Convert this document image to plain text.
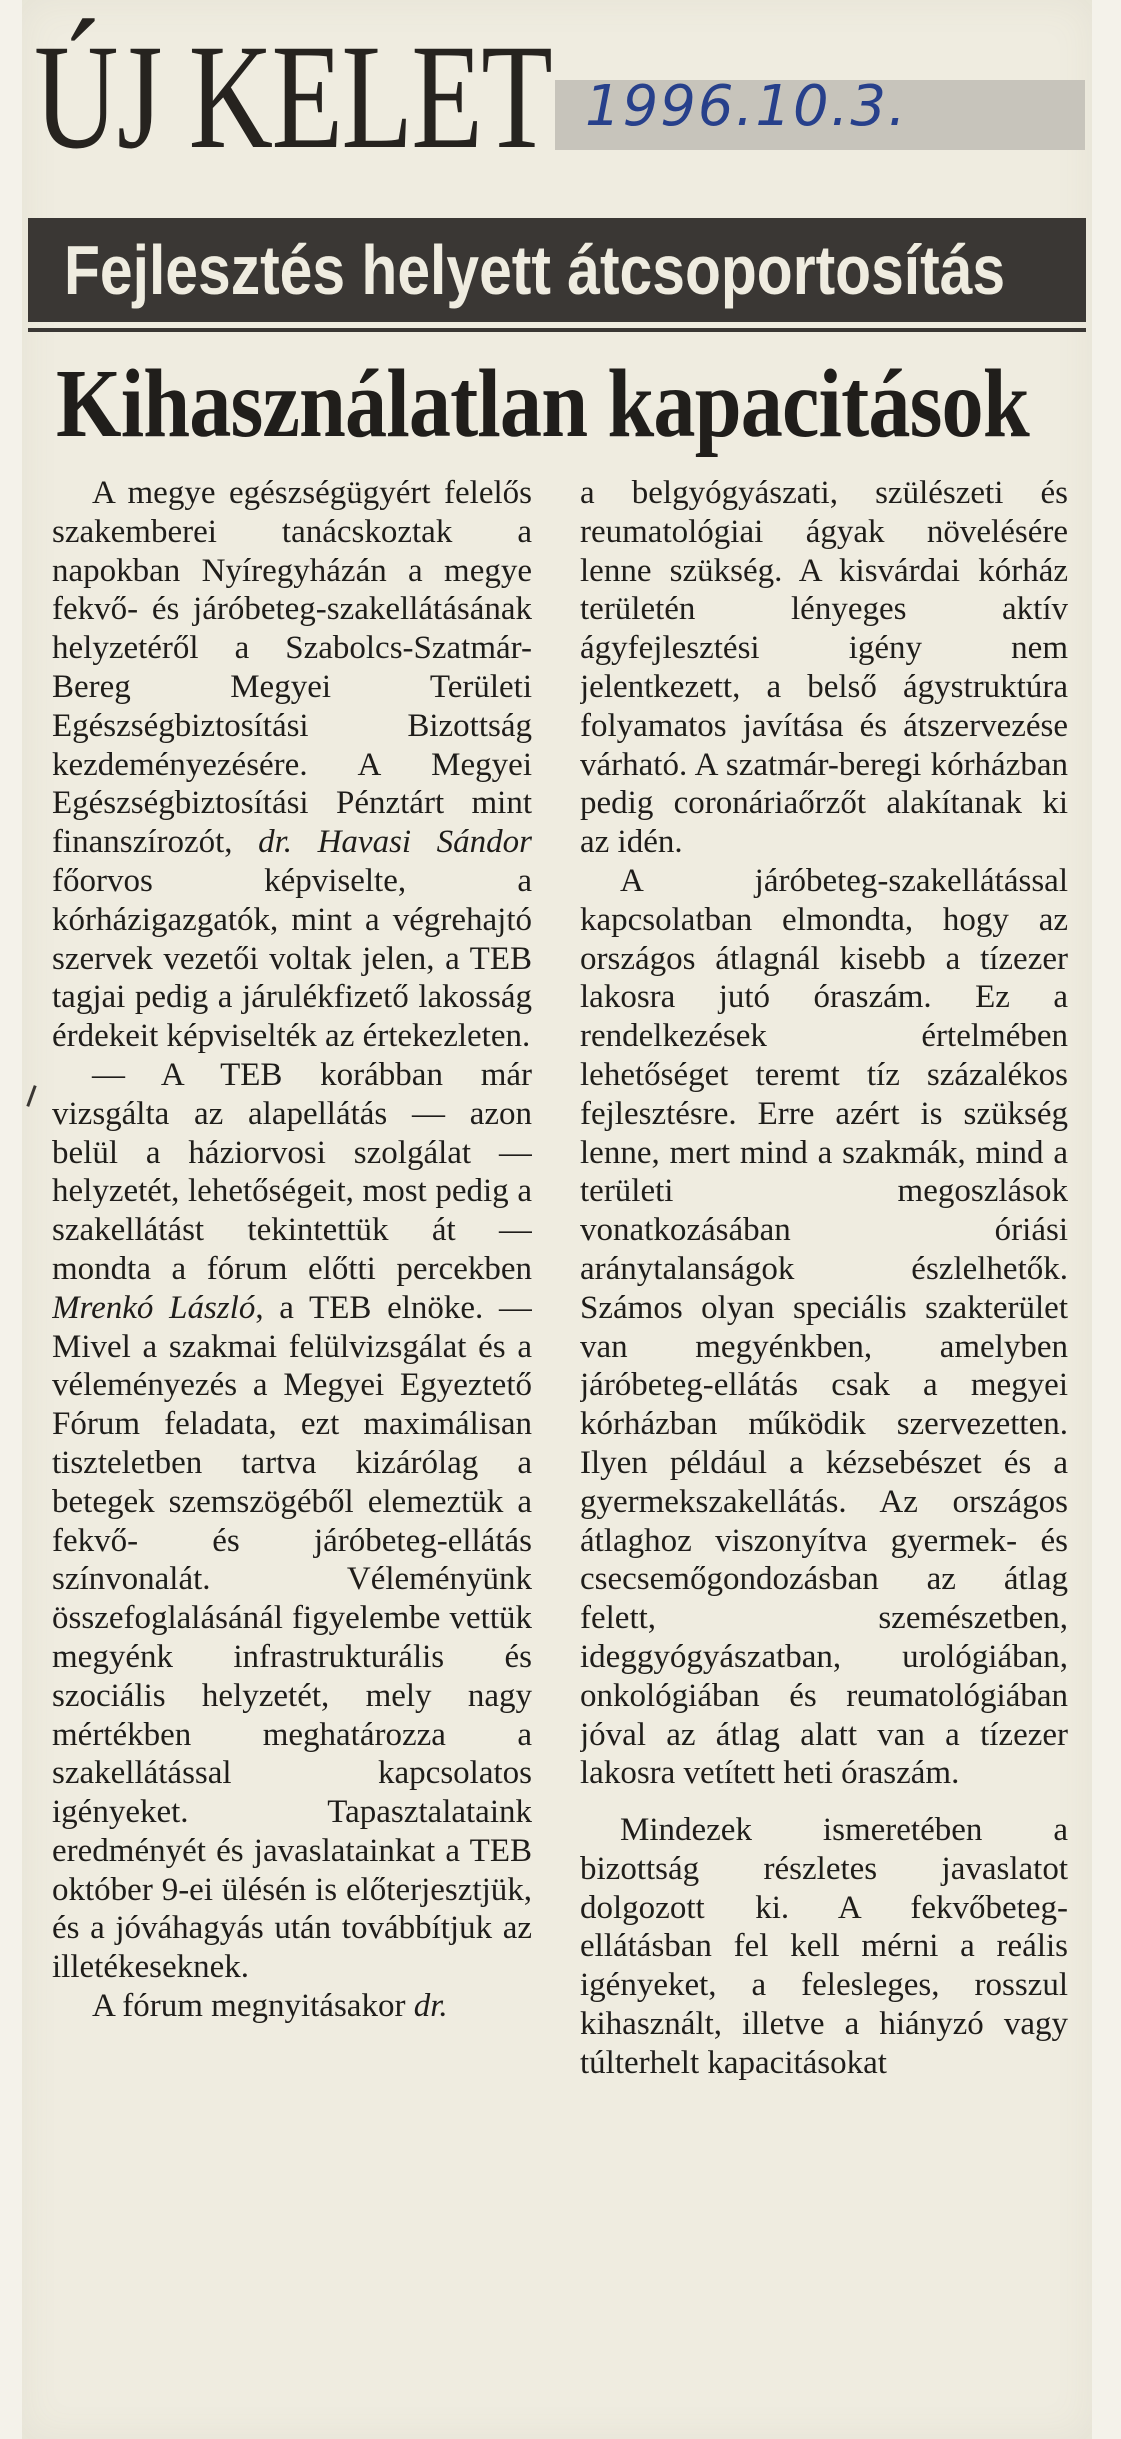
ÚJ KELET 1996.10.3.
Fejlesztés helyett átcsoportosítás
Kihasználatlan kapacitások

A megye egészségügyért felelős szakemberei tanácskoztak a napokban Nyíregyházán a megye fekvő- és járóbeteg-szakellátásának helyzetéről a Szabolcs-Szatmár-Bereg Megyei Területi Egészségbiztosítási Bizottság kezdeményezésére. A Megyei Egészségbiztosítási Pénztárt mint finanszírozót, dr. Havasi Sándor főorvos képviselte, a kórházigazgatók, mint a végrehajtó szervek vezetői voltak jelen, a TEB tagjai pedig a járulékfizető lakosság érdekeit képviselték az értekezleten.

— A TEB korábban már vizsgálta az alapellátás — azon belül a háziorvosi szolgálat — helyzetét, lehetőségeit, most pedig a szakellátást tekintettük át — mondta a fórum előtti percekben Mrenkó László, a TEB elnöke. — Mivel a szakmai felülvizsgálat és a véleményezés a Megyei Egyeztető Fórum feladata, ezt maximálisan tiszteletben tartva kizárólag a betegek szemszögéből elemeztük a fekvő- és járóbeteg-ellátás színvonalát. Véleményünk összefoglalásánál figyelembe vettük megyénk infrastrukturális és szociális helyzetét, mely nagy mértékben meghatározza a szakellátással kapcsolatos igényeket. Tapasztalataink eredményét és javaslatainkat a TEB október 9-ei ülésén is előterjesztjük, és a jóváhagyás után továbbítjuk az illetékeseknek.

A fórum megnyitásakor dr.

a belgyógyászati, szülészeti és reumatológiai ágyak növelésére lenne szükség. A kisvárdai kórház területén lényeges aktív ágyfejlesztési igény nem jelentkezett, a belső ágystruktúra folyamatos javítása és átszervezése várható. A szatmár-beregi kórházban pedig coronáriaőrzőt alakítanak ki az idén.

A járóbeteg-szakellátással kapcsolatban elmondta, hogy az országos átlagnál kisebb a tízezer lakosra jutó óraszám. Ez a rendelkezések értelmében lehetőséget teremt tíz százalékos fejlesztésre. Erre azért is szükség lenne, mert mind a szakmák, mind a területi megoszlások vonatkozásában óriási aránytalanságok észlelhetők. Számos olyan speciális szakterület van megyénkben, amelyben járóbeteg-ellátás csak a megyei kórházban működik szervezetten. Ilyen például a kézsebészet és a gyermekszakellátás. Az országos átlaghoz viszonyítva gyermek- és csecsemőgondozásban az átlag felett, szemészetben, ideggyógyászatban, urológiában, onkológiában és reumatológiában jóval az átlag alatt van a tízezer lakosra vetített heti óraszám.

Mindezek ismeretében a bizottság részletes javaslatot dolgozott ki. A fekvőbeteg-ellátásban fel kell mérni a reális igényeket, a felesleges, rosszul kihasznált, illetve a hiányzó vagy túlterhelt kapacitásokat
